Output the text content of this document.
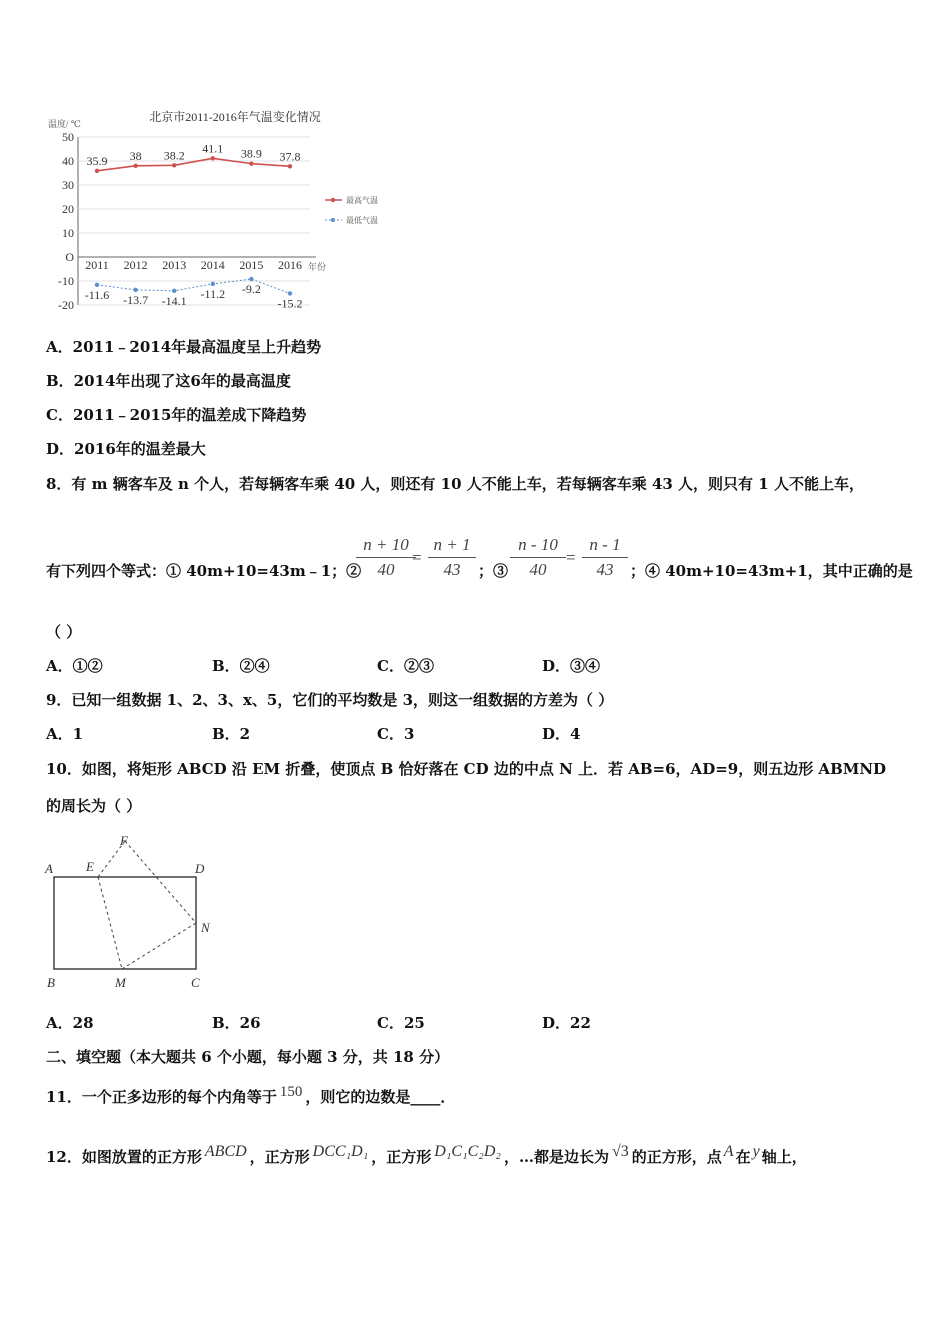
北京市2011-2016年气温变化情况
温度/ ℃
50
40
30
20
10
O
-10
-20
2011 2012 2013 2014 2015 2016
35.9 38 38.2 41.1 38.9 37.8
-11.6 -13.7 -14.1 -11.2 -9.2
-15.2
最高气温
最低气温
年份
A．2011﹣2014年最高温度呈上升趋势
B．2014年出现了这6年的最高温度
C．2011﹣2015年的温差成下降趋势
D．2016年的温差最大
8．有 m 辆客车及 n 个人，若每辆客车乘 40 人，则还有 10 人不能上车，若每辆客车乘 43 人，则只有 1 人不能上车，
有下列四个等式：① 40m+10=43m﹣1；②
n + 10
40
=
n + 1
43	；③
n - 10
40
=
n - 1
43	；④ 40m+10=43m+1，其中正确的是
（ ）
A．①②	B．②④	C．②③	D．③④
9．已知一组数据 1、2、3、x、5，它们的平均数是 3，则这一组数据的方差为（ ）
A．1	B．2	C．3	D．4
10．如图，将矩形 ABCD 沿 EM 折叠，使顶点 B 恰好落在 CD 边的中点 N 上．若 AB=6，AD=9，则五边形 ABMND
的周长为（ ）
A	E
F
D
N
B	M	C
A．28	B．26	C．25	D．22
二、填空题（本大题共 6 个小题，每小题 3 分，共 18 分）
11．一个正多边形的每个内角等于 $^{150}$ ，则它的边数是____．
12．如图放置的正方形 $^{ABCD}$ ，正方形 $^{DCC_1D_1}$ ，正方形 $^{D_1C_1C_2D_2}$ ，…都是边长为 $^{√3}$ 的正方形，点 $^A$ 在 $^y$ 轴上，
